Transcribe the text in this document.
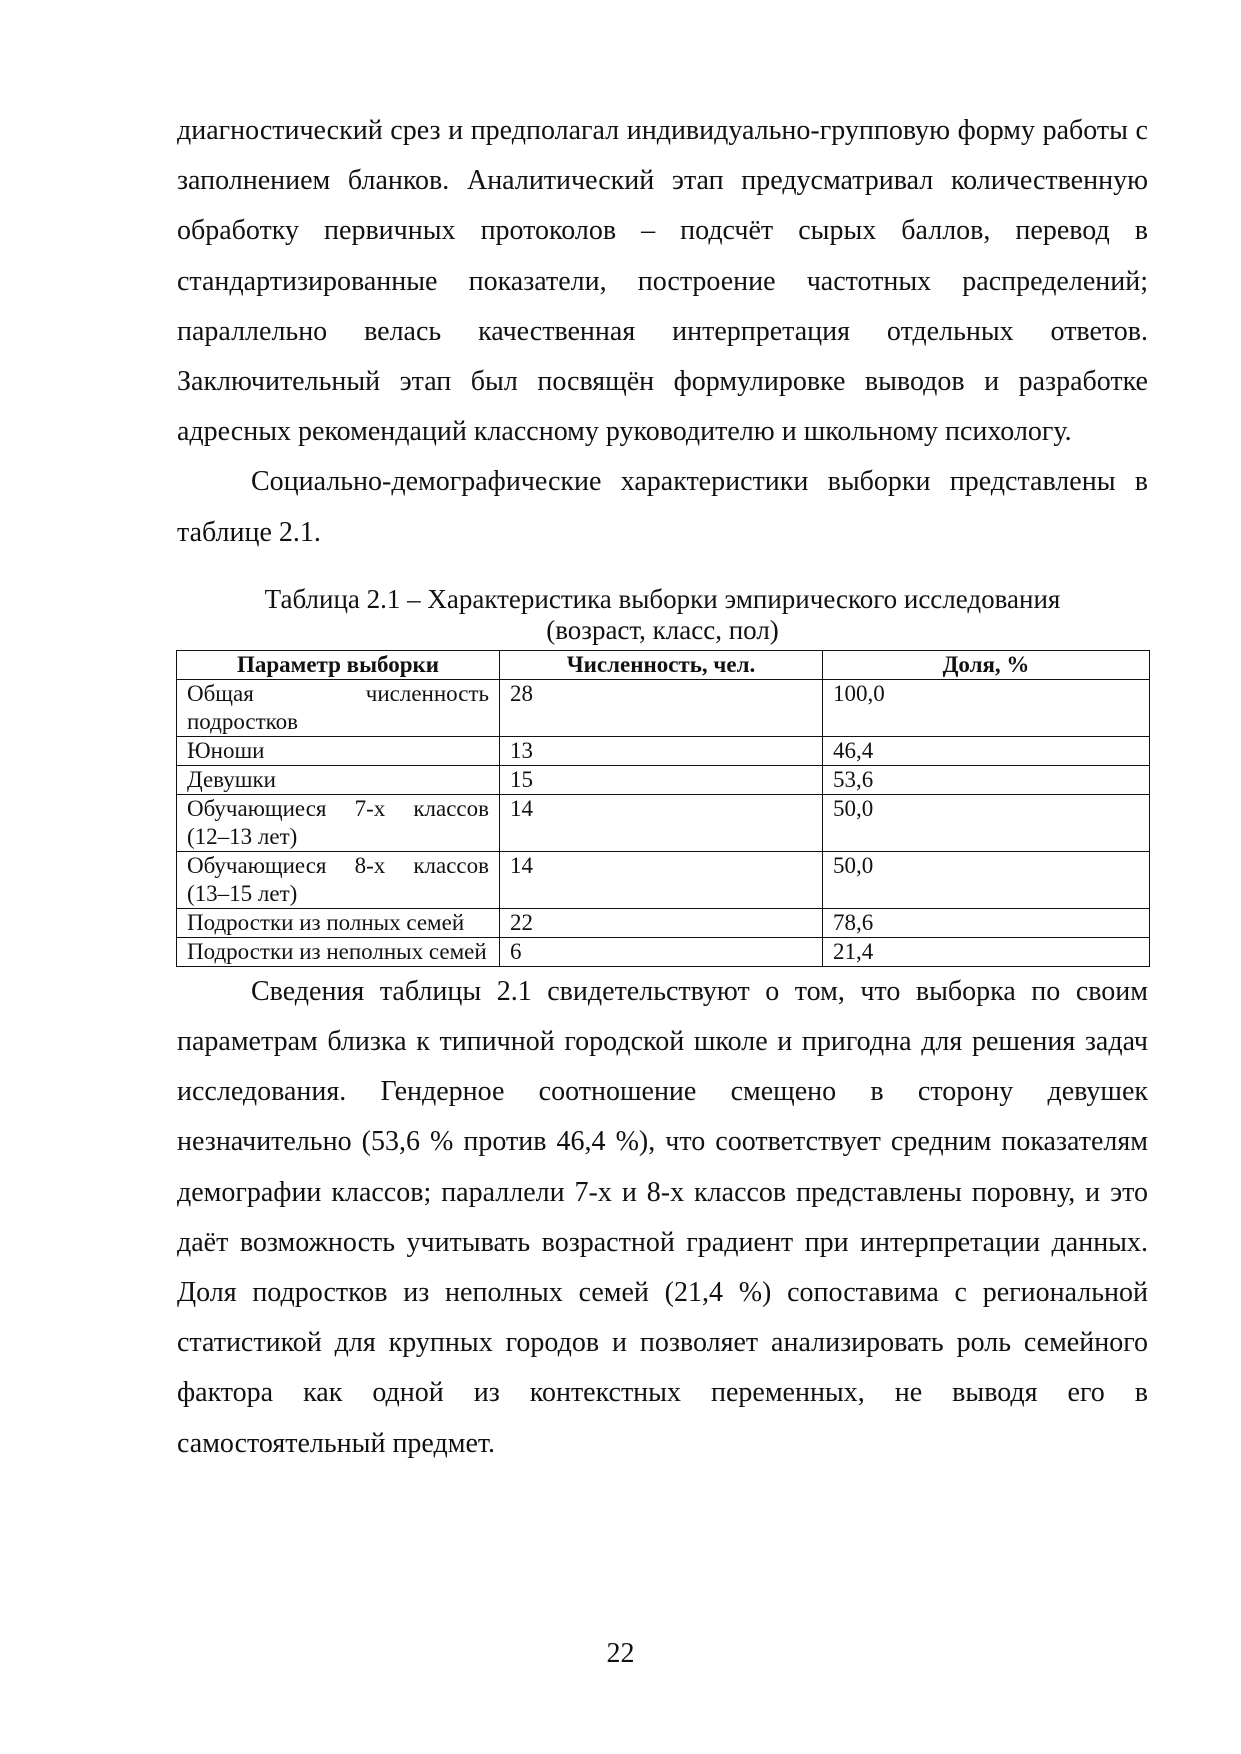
диагностический срез и предполагал индивидуально-групповую форму работы с заполнением бланков. Аналитический этап предусматривал количественную обработку первичных протоколов – подсчёт сырых баллов, перевод в стандартизированные показатели, построение частотных распределений; параллельно велась качественная интерпретация отдельных ответов. Заключительный этап был посвящён формулировке выводов и разработке адресных рекомендаций классному руководителю и школьному психологу.

Социально-демографические характеристики выборки представлены в таблице 2.1.

Таблица 2.1 – Характеристика выборки эмпирического исследования
(возраст, класс, пол)
Параметр выборки	Численность, чел.	Доля, %
Общая численность подростков	28	100,0
Юноши	13	46,4
Девушки	15	53,6
Обучающиеся 7-х классов (12–13 лет)	14	50,0
Обучающиеся 8-х классов (13–15 лет)	14	50,0
Подростки из полных семей	22	78,6
Подростки из неполных семей	6	21,4

Сведения таблицы 2.1 свидетельствуют о том, что выборка по своим параметрам близка к типичной городской школе и пригодна для решения задач исследования. Гендерное соотношение смещено в сторону девушек незначительно (53,6 % против 46,4 %), что соответствует средним показателям демографии классов; параллели 7-х и 8-х классов представлены поровну, и это даёт возможность учитывать возрастной градиент при интерпретации данных. Доля подростков из неполных семей (21,4 %) сопоставима с региональной статистикой для крупных городов и позволяет анализировать роль семейного фактора как одной из контекстных переменных, не выводя его в самостоятельный предмет.

22
